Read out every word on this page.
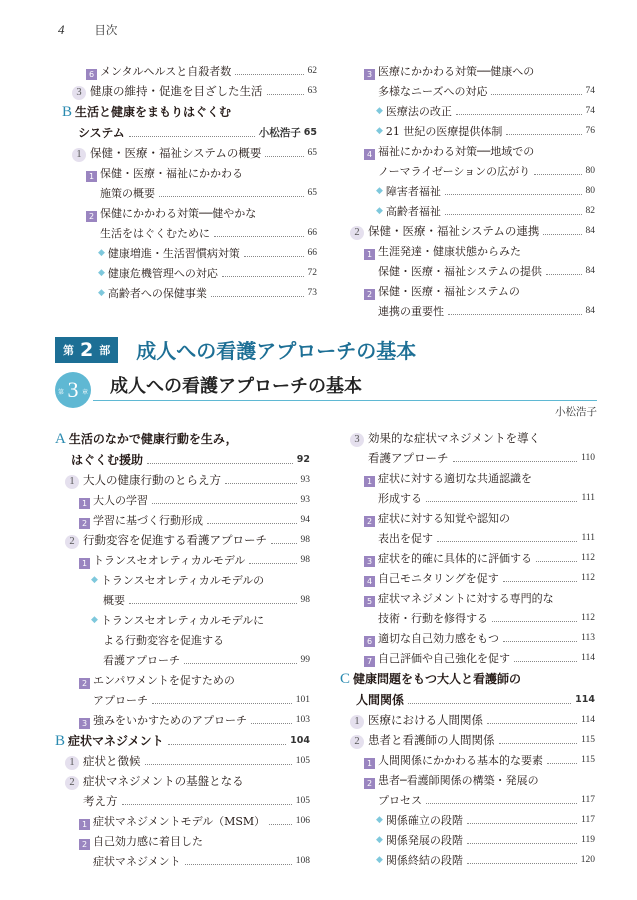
4	目次
6 メンタルヘルスと自殺者数	62
3 健康の維持・促進を目ざした生活	63
B 生活と健康をまもりはぐくむ
システム	小松浩子 65
1 保健・医療・福祉システムの概要	65
1 保健・医療・福祉にかかわる
施策の概要	65
2 保健にかかわる対策──健やかな
生活をはぐくむために	66
◆ 健康増進・生活習慣病対策	66
◆ 健康危機管理への対応	72
◆ 高齢者への保健事業	73
3 医療にかかわる対策──健康への
多様なニーズへの対応	74
◆ 医療法の改正	74
◆ 21 世紀の医療提供体制	76
4 福祉にかかわる対策──地域での
ノーマライゼーションの広がり	80
◆ 障害者福祉	80
◆ 高齢者福祉	82
2 保健・医療・福祉システムの連携	84
1 生涯発達・健康状態からみた
保健・医療・福祉システムの提供	84
2 保健・医療・福祉システムの
連携の重要性	84
第 2 部 成人への看護アプローチの基本
第 3 章 成人への看護アプローチの基本
小松浩子
A 生活のなかで健康行動を生み，
はぐくむ援助	92
1 大人の健康行動のとらえ方	93
1 大人の学習	93
2 学習に基づく行動形成	94
2 行動変容を促進する看護アプローチ	98
1 トランスセオレティカルモデル	98
◆ トランスセオレティカルモデルの
概要	98
◆ トランスセオレティカルモデルに
よる行動変容を促進する
看護アプローチ	99
2 エンパワメントを促すための
アプローチ	101
3 強みをいかすためのアプローチ	103
B 症状マネジメント	104
1 症状と徴候	105
2 症状マネジメントの基盤となる
考え方	105
1 症状マネジメントモデル（MSM）	106
2 自己効力感に着目した
症状マネジメント	108
3 効果的な症状マネジメントを導く
看護アプローチ	110
1 症状に対する適切な共通認識を
形成する	111
2 症状に対する知覚や認知の
表出を促す	111
3 症状を的確に具体的に評価する	112
4 自己モニタリングを促す	112
5 症状マネジメントに対する専門的な
技術・行動を修得する	112
6 適切な自己効力感をもつ	113
7 自己評価や自己強化を促す	114
C 健康問題をもつ大人と看護師の
人間関係	114
1 医療における人間関係	114
2 患者と看護師の人間関係	115
1 人間関係にかかわる基本的な要素	115
2 患者─看護師関係の構築・発展の
プロセス	117
◆ 関係確立の段階	117
◆ 関係発展の段階	119
◆ 関係終結の段階	120
